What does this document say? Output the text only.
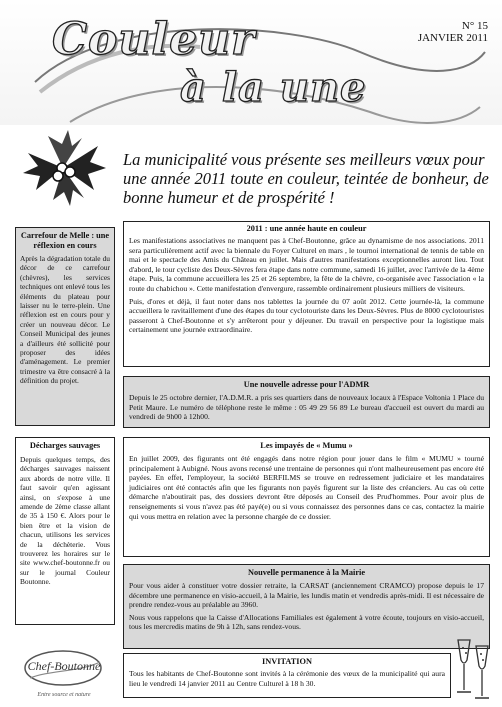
Couleur
à la une
N° 15
JANVIER 2011
La municipalité vous présente ses meilleurs vœux pour une année 2011 toute en couleur, teintée de bonheur, de bonne humeur et de prospérité !
Carrefour de Melle : une réflexion en cours

Après la dégradation totale du décor de ce carrefour (chèvres), les services techniques ont enlevé tous les éléments du plateau pour laisser nu le terre-plein. Une réflexion est en cours pour y créer un nouveau décor. Le Conseil Municipal des jeunes a d'ailleurs été sollicité pour proposer des idées d'aménagement. Le premier trimestre va être consacré à la définition du projet.

Décharges sauvages

Depuis quelques temps, des décharges sauvages naissent aux abords de notre ville. Il faut savoir qu'en agissant ainsi, on s'expose à une amende de 2ème classe allant de 35 à 150 €. Alors pour le bien être et la vision de chacun, utilisons les services de la déchèterie. Vous trouverez les horaires sur le site www.chef-boutonne.fr ou sur le journal Couleur Boutonne.

Chef-Boutonne
Entre source et nature
2011 : une année haute en couleur

Les manifestations associatives ne manquent pas à Chef-Boutonne, grâce au dynamisme de nos associations. 2011 sera particulièrement actif avec la biennale du Foyer Culturel en mars , le tournoi international de tennis de table en mai et le spectacle des Amis du Château en juillet. Mais d'autres manifestations exceptionnelles auront lieu. Tout d'abord, le tour cycliste des Deux-Sèvres fera étape dans notre commune, samedi 16 juillet, avec l'arrivée de la 4ème étape. Puis, la commune accueillera les 25 et 26 septembre, la fête de la chèvre, co-organisée avec l'association « la route du chabichou ». Cette manifestation d'envergure, rassemble ordinairement plusieurs milliers de visiteurs.

Puis, d'ores et déjà, il faut noter dans nos tablettes la journée du 07 août 2012. Cette journée-là, la commune accueillera le ravitaillement d'une des étapes du tour cyclotouriste dans les Deux-Sèvres. Plus de 8000 cyclotouristes passeront à Chef-Boutonne et s'y arrêteront pour y déjeuner. Du travail en perspective pour la logistique mais certainement une journée extraordinaire.

Une nouvelle adresse pour l'ADMR

Depuis le 25 octobre dernier, l'A.D.M.R. a pris ses quartiers dans de nouveaux locaux à l'Espace Voltonia 1 Place du Petit Maure. Le numéro de téléphone reste le même : 05 49 29 56 89 Le bureau d'accueil est ouvert du mardi au vendredi de 9h00 à 12h00.

Les impayés de « Mumu »

En juillet 2009, des figurants ont été engagés dans notre région pour jouer dans le film « MUMU » tourné principalement à Aubigné. Nous avons recensé une trentaine de personnes qui n'ont malheureusement pas encore été payées. En effet, l'employeur, la société BERFILMS se trouve en redressement judiciaire et les mandataires judiciaires ont été contactés afin que les figurants non payés figurent sur la liste des créanciers. Au cas où cette démarche n'aboutirait pas, des dossiers devront être déposés au Conseil des Prud'hommes. Pour avoir plus de renseignements si vous n'avez pas été payé(e) ou si vous connaissez des personnes dans ce cas, contactez la mairie qui vous mettra en relation avec la personne chargée de ce dossier.

Nouvelle permanence à la Mairie

Pour vous aider à constituer votre dossier retraite, la CARSAT (anciennement CRAMCO) propose depuis le 17 décembre une permanence en visio-accueil, à la Mairie, les lundis matin et vendredis après-midi. Il est nécessaire de prendre rendez-vous au préalable au 3960.

Nous vous rappelons que la Caisse d'Allocations Familiales est également à votre écoute, toujours en visio-accueil, tous les mercredis matins de 9h à 12h, sans rendez-vous.

INVITATION

Tous les habitants de Chef-Boutonne sont invités à la cérémonie des vœux de la municipalité qui aura lieu le vendredi 14 janvier 2011 au Centre Culturel à 18 h 30.
